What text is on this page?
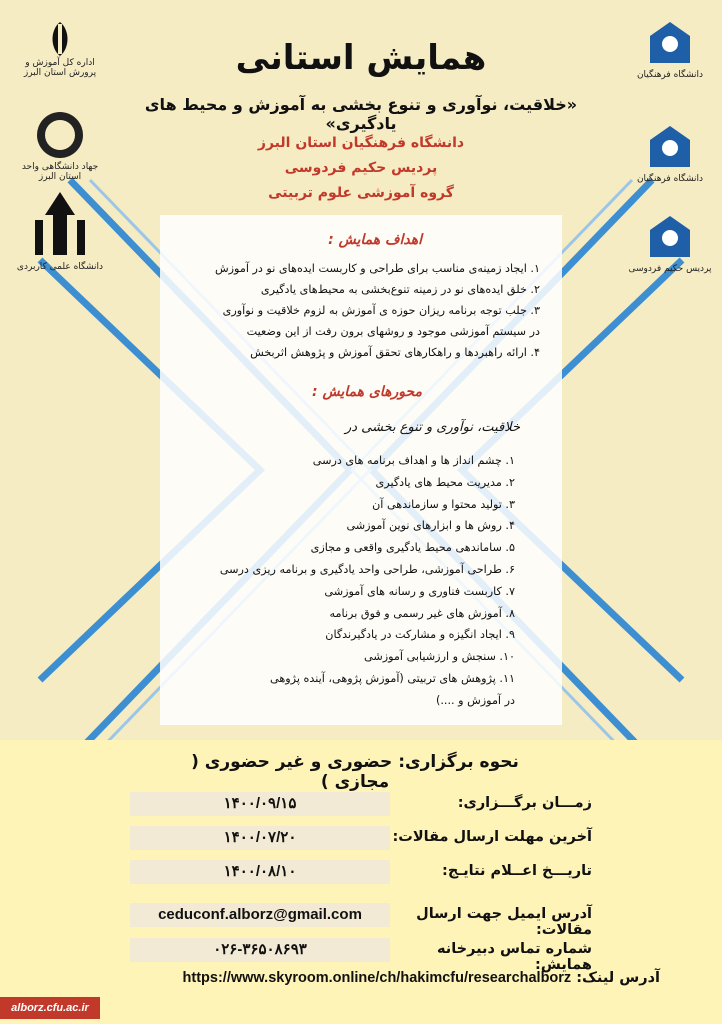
اداره کل آموزش و پرورش استان البرز
جهاد دانشگاهی واحد استان البرز
دانشگاه علمی کاربردی
دانشگاه فرهنگیان
دانشگاه فرهنگیان
پردیس حکیم فردوسی
همایش استانی
«خلاقیت، نوآوری و تنوع بخشی به آموزش و محیط های یادگیری»
دانشگاه فرهنگیان استان البرز
پردیس حکیم فردوسی
گروه آموزشی علوم تربیتی
اهداف همایش :
۱. ایجاد زمینه‌ی مناسب برای طراحی و کاربست ایده‌های نو در آموزش
۲. خلق ایده‌های نو در زمینه تنوع‌بخشی به محیط‌های یادگیری
۳. جلب توجه برنامه ریزان حوزه ی آموزش به لزوم خلاقیت و نوآوری
در سیستم آموزشی موجود و روشهای برون رفت از این وضعیت
۴. ارائه راهبردها و راهکارهای تحقق آموزش و پژوهش اثربخش
محورهای همایش :
خلاقیت، نوآوری و تنوع بخشی در
۱. چشم انداز ها و اهداف برنامه های درسی
۲. مدیریت محیط های یادگیری
۳. تولید محتوا و سازماندهی آن
۴. روش ها و ابزارهای نوین آموزشی
۵. ساماندهی محیط یادگیری واقعی و مجازی
۶. طراحی آموزشی، طراحی واحد یادگیری و برنامه ریزی درسی
۷. کاربست فناوری و رسانه های آموزشی
۸. آموزش های غیر رسمی و فوق برنامه
۹. ایجاد انگیزه و مشارکت در یادگیرندگان
۱۰. سنجش و ارزشیابی آموزشی
۱۱. پژوهش های تربیتی (آموزش پژوهی، آینده پژوهی
در آموزش و ....)
نحوه برگزاری: حضوری و غیر حضوری ( مجازی )
زمـــان برگـــزاری:
۱۴۰۰/۰۹/۱۵
آخرین مهلت ارسال مقالات:
۱۴۰۰/۰۷/۲۰
تاریـــخ اعــلام نتایـج:
۱۴۰۰/۰۸/۱۰
آدرس ایمیل جهت ارسال مقالات:
ceduconf.alborz@gmail.com
شماره تماس دبیرخانه همایش:
۰۲۶-۳۶۵۰۸۶۹۳
آدرس لینک: https://www.skyroom.online/ch/hakimcfu/researchalborz
alborz.cfu.ac.ir
